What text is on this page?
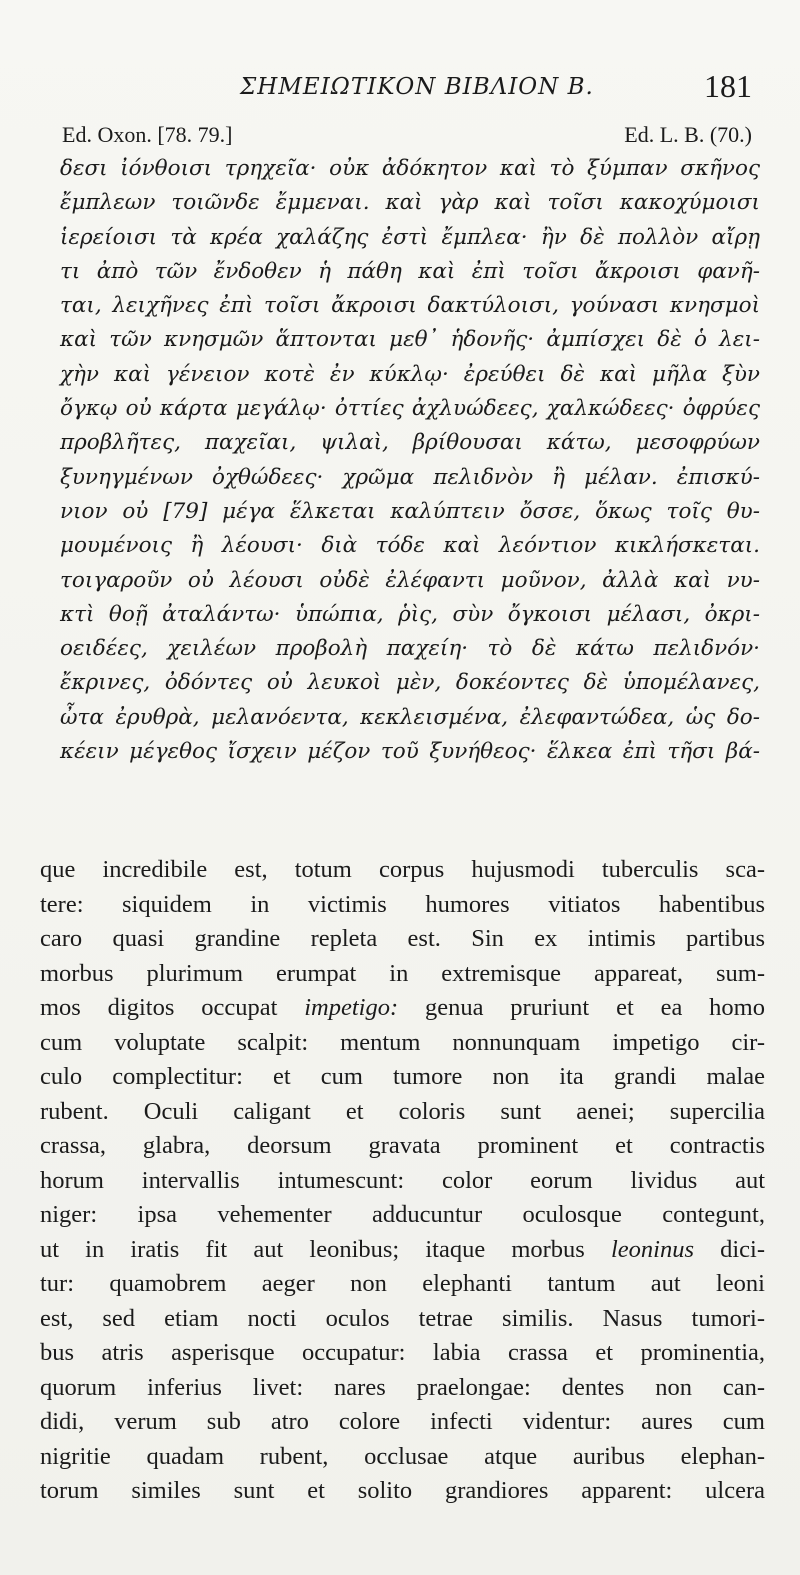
ΣΗΜΕΙΩΤΙΚΟΝ ΒΙΒΛΙΟΝ Β.	181
Ed. Oxon. [78. 79.]	Ed. L. B. (70.)
δεσι ἰόνθοισι τρηχεῖα· οὐκ ἀδόκητον καὶ τὸ ξύμπαν σκῆνος
ἔμπλεων τοιῶνδε ἔμμεναι. καὶ γὰρ καὶ τοῖσι κακοχύμοισι
ἱερείοισι τὰ κρέα χαλάζης ἐστὶ ἔμπλεα· ἢν δὲ πολλὸν αἴρῃ
τι ἀπὸ τῶν ἔνδοθεν ἡ πάθη καὶ ἐπὶ τοῖσι ἄκροισι φανῆ-
ται, λειχῆνες ἐπὶ τοῖσι ἄκροισι δακτύλοισι, γούνασι κνησμοὶ
καὶ τῶν κνησμῶν ἅπτονται μεθ᾽ ἡδονῆς· ἀμπίσχει δὲ ὁ λει-
χὴν καὶ γένειον κοτὲ ἐν κύκλῳ· ἐρεύθει δὲ καὶ μῆλα ξὺν
ὄγκῳ οὐ κάρτα μεγάλῳ· ὀττίες ἀχλυώδεες, χαλκώδεες· ὀφρύες
προβλῆτες, παχεῖαι, ψιλαὶ, βρίθουσαι κάτω, μεσοφρύων
ξυνηγμένων ὀχθώδεες· χρῶμα πελιδνὸν ἢ μέλαν. ἐπισκύ-
νιον οὐ [79] μέγα ἕλκεται καλύπτειν ὄσσε, ὅκως τοῖς θυ-
μουμένοις ἢ λέουσι· διὰ τόδε καὶ λεόντιον κικλήσκεται.
τοιγαροῦν οὐ λέουσι οὐδὲ ἐλέφαντι μοῦνον, ἀλλὰ καὶ νυ-
κτὶ θοῇ ἀταλάντω· ὑπώπια, ῥὶς, σὺν ὄγκοισι μέλασι, ὀκρι-
οειδέες, χειλέων προβολὴ παχείη· τὸ δὲ κάτω πελιδνόν·
ἔκρινες, ὀδόντες οὐ λευκοὶ μὲν, δοκέοντες δὲ ὑπομέλανες,
ὦτα ἐρυθρὰ, μελανόεντα, κεκλεισμένα, ἐλεφαντώδεα, ὡς δο-
κέειν μέγεθος ἴσχειν μέζον τοῦ ξυνήθεος· ἕλκεα ἐπὶ τῆσι βά-
que incredibile est, totum corpus hujusmodi tuberculis sca-
tere: siquidem in victimis humores vitiatos habentibus
caro quasi grandine repleta est. Sin ex intimis partibus
morbus plurimum erumpat in extremisque appareat, sum-
mos digitos occupat impetigo: genua pruriunt et ea homo
cum voluptate scalpit: mentum nonnunquam impetigo cir-
culo complectitur: et cum tumore non ita grandi malae
rubent. Oculi caligant et coloris sunt aenei; supercilia
crassa, glabra, deorsum gravata prominent et contractis
horum intervallis intumescunt: color eorum lividus aut
niger: ipsa vehementer adducuntur oculosque contegunt,
ut in iratis fit aut leonibus; itaque morbus leoninus dici-
tur: quamobrem aeger non elephanti tantum aut leoni
est, sed etiam nocti oculos tetrae similis. Nasus tumori-
bus atris asperisque occupatur: labia crassa et prominentia,
quorum inferius livet: nares praelongae: dentes non can-
didi, verum sub atro colore infecti videntur: aures cum
nigritie quadam rubent, occlusae atque auribus elephan-
torum similes sunt et solito grandiores apparent: ulcera
